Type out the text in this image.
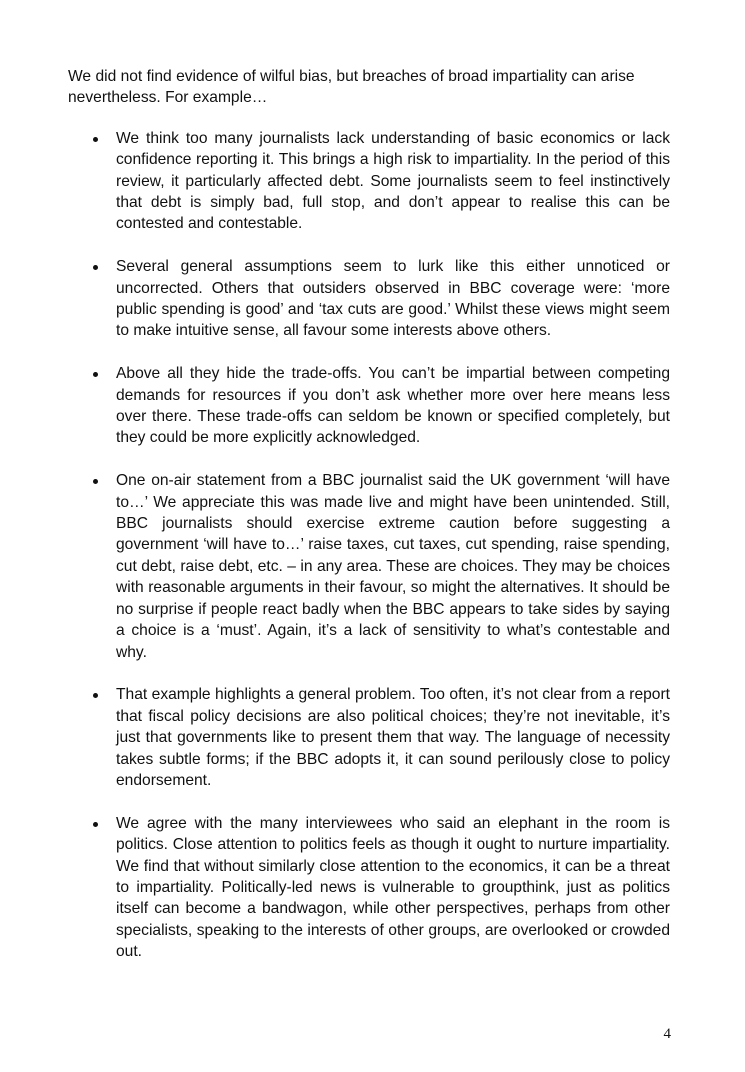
We did not find evidence of wilful bias, but breaches of broad impartiality can arise nevertheless. For example…

We think too many journalists lack understanding of basic economics or lack confidence reporting it. This brings a high risk to impartiality. In the period of this review, it particularly affected debt. Some journalists seem to feel instinctively that debt is simply bad, full stop, and don’t appear to realise this can be contested and contestable.
Several general assumptions seem to lurk like this either unnoticed or uncorrected. Others that outsiders observed in BBC coverage were: ‘more public spending is good’ and ‘tax cuts are good.’ Whilst these views might seem to make intuitive sense, all favour some interests above others.
Above all they hide the trade-offs. You can’t be impartial between competing demands for resources if you don’t ask whether more over here means less over there. These trade-offs can seldom be known or specified completely, but they could be more explicitly acknowledged.
One on-air statement from a BBC journalist said the UK government ‘will have to…’ We appreciate this was made live and might have been unintended. Still, BBC journalists should exercise extreme caution before suggesting a government ‘will have to…’ raise taxes, cut taxes, cut spending, raise spending, cut debt, raise debt, etc. – in any area. These are choices. They may be choices with reasonable arguments in their favour, so might the alternatives. It should be no surprise if people react badly when the BBC appears to take sides by saying a choice is a ‘must’. Again, it’s a lack of sensitivity to what’s contestable and why.
That example highlights a general problem. Too often, it’s not clear from a report that fiscal policy decisions are also political choices; they’re not inevitable, it’s just that governments like to present them that way. The language of necessity takes subtle forms; if the BBC adopts it, it can sound perilously close to policy endorsement.
We agree with the many interviewees who said an elephant in the room is politics. Close attention to politics feels as though it ought to nurture impartiality. We find that without similarly close attention to the economics, it can be a threat to impartiality. Politically-led news is vulnerable to groupthink, just as politics itself can become a bandwagon, while other perspectives, perhaps from other specialists, speaking to the interests of other groups, are overlooked or crowded out.
4
